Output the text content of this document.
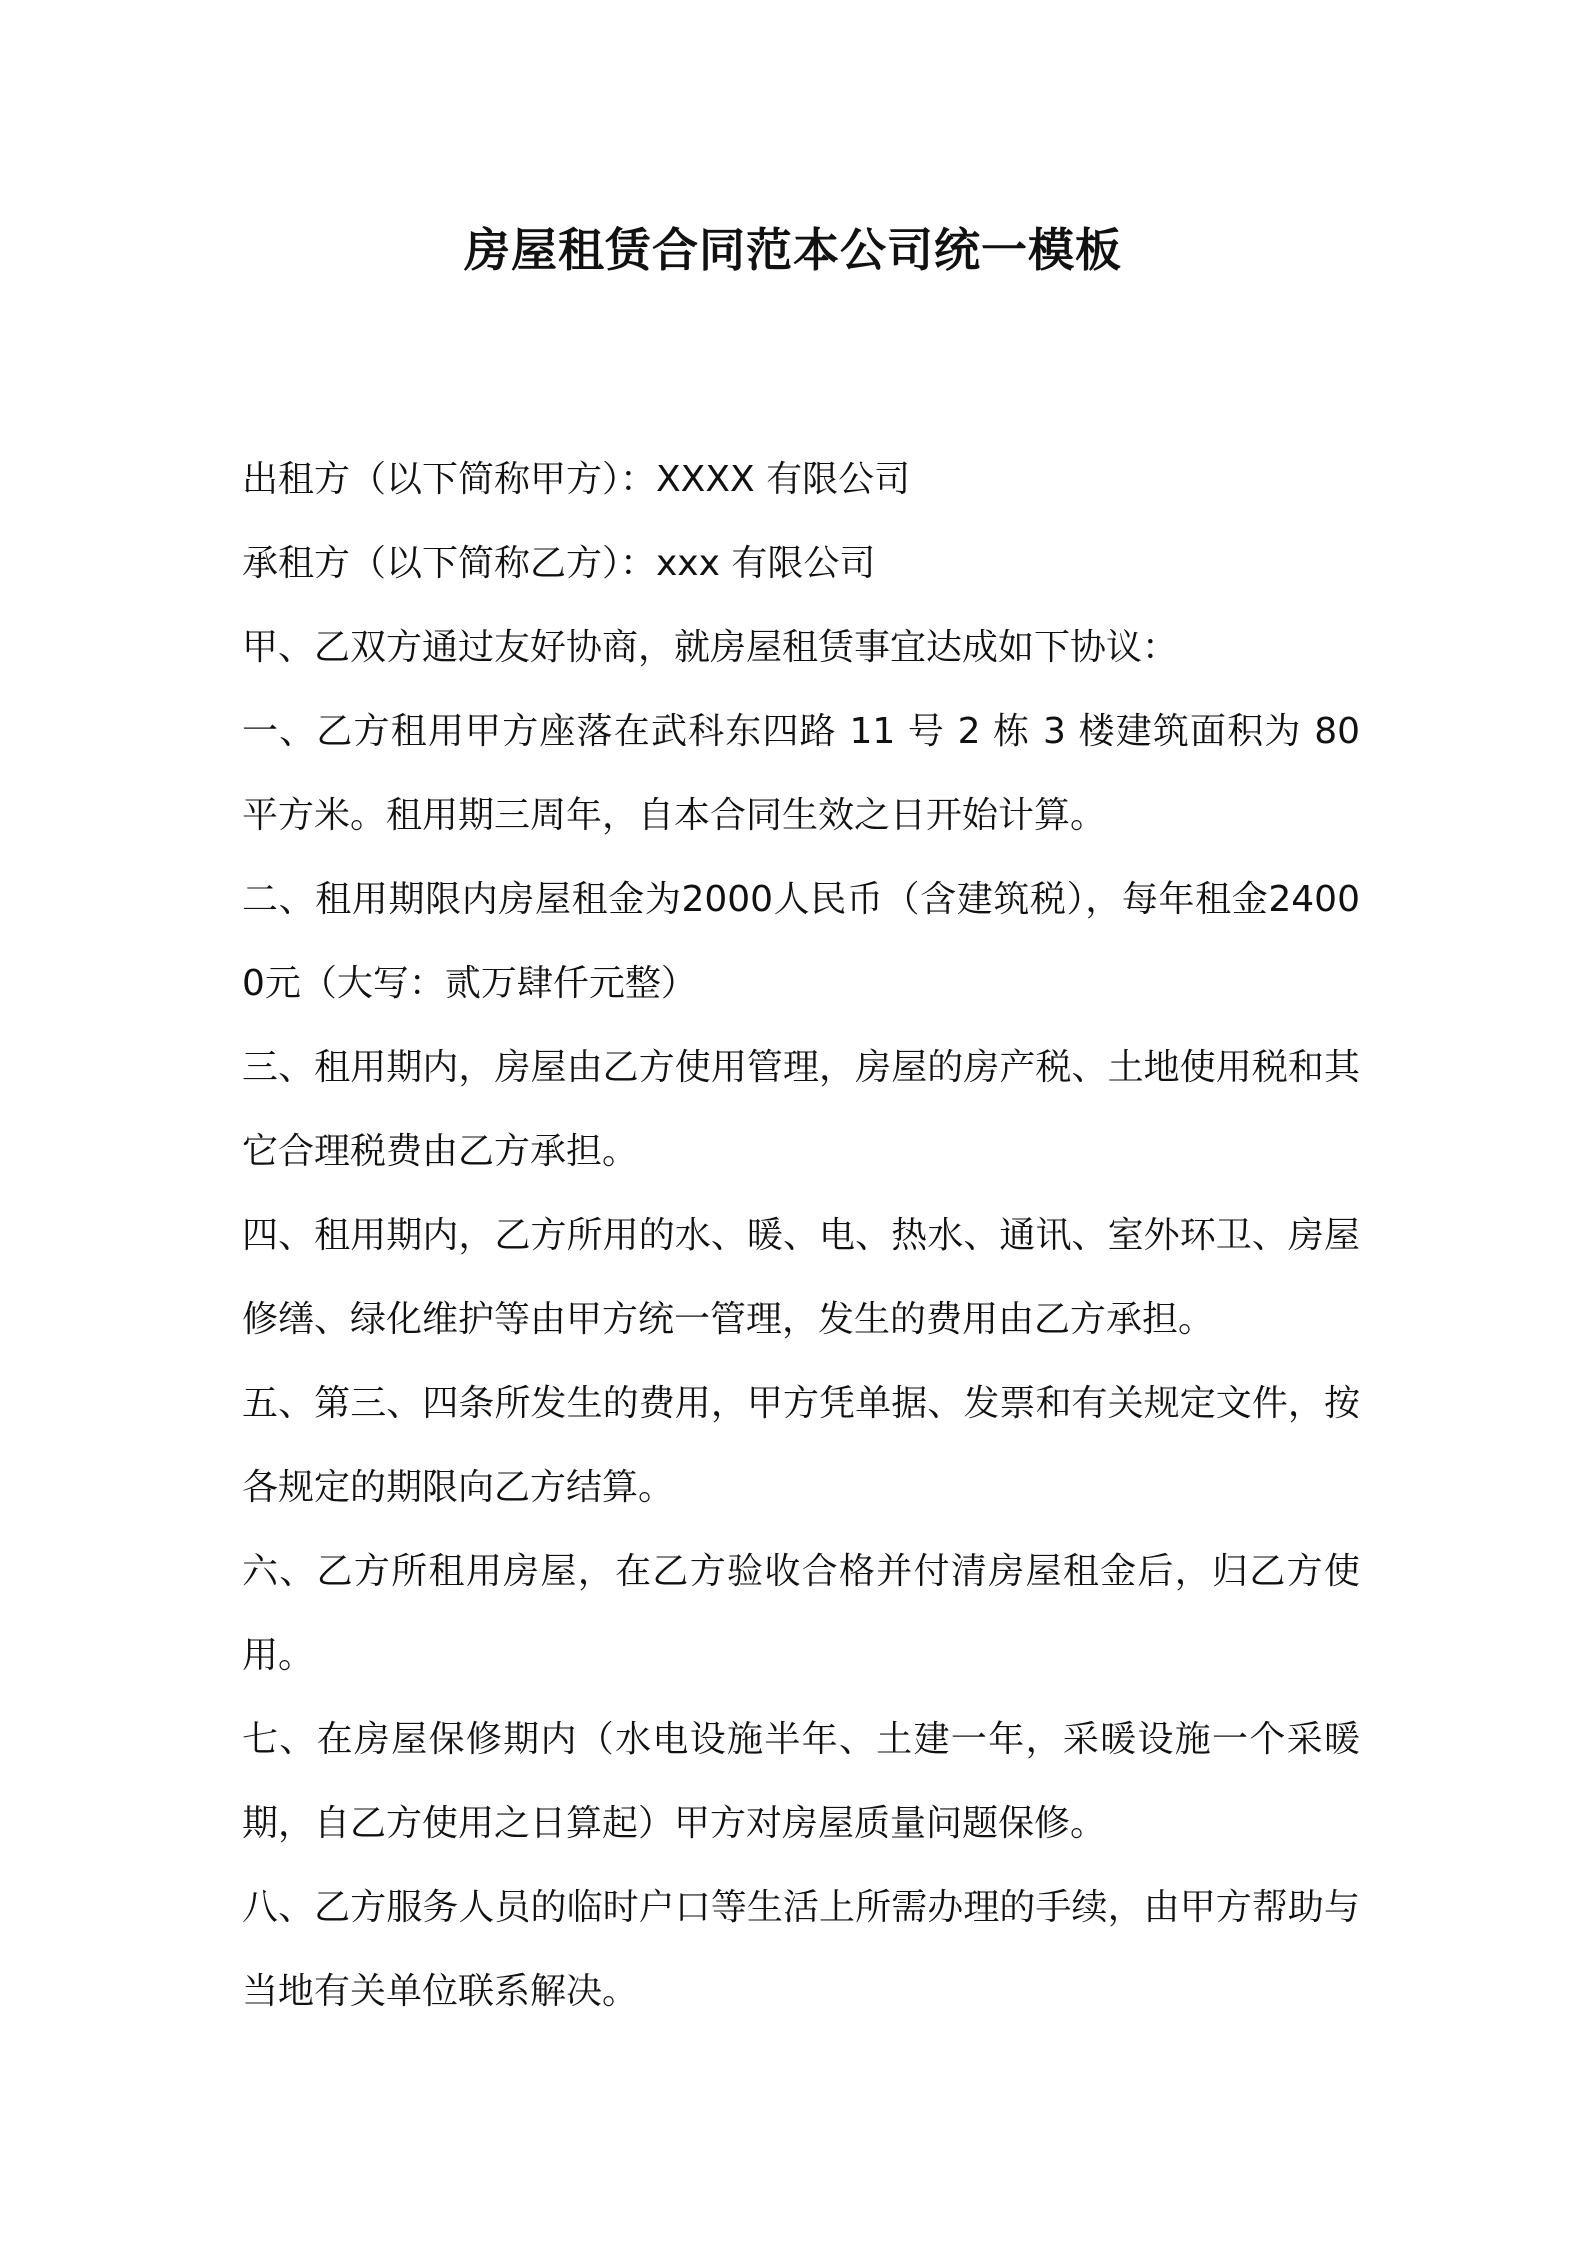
房屋租赁合同范本公司统一模板

出租方（以下简称甲方）：XXXX 有限公司

承租方（以下简称乙方）：xxx 有限公司

甲、乙双方通过友好协商，就房屋租赁事宜达成如下协议：

一、乙方租用甲方座落在武科东四路 11 号 2 栋 3 楼建筑面积为 80 平方米。租用期三周年，自本合同生效之日开始计算。

二、租用期限内房屋租金为2000人民币（含建筑税），每年租金24000元（大写：贰万肆仟元整）

三、租用期内，房屋由乙方使用管理，房屋的房产税、土地使用税和其它合理税费由乙方承担。

四、租用期内，乙方所用的水、暖、电、热水、通讯、室外环卫、房屋修缮、绿化维护等由甲方统一管理，发生的费用由乙方承担。

五、第三、四条所发生的费用，甲方凭单据、发票和有关规定文件，按各规定的期限向乙方结算。

六、乙方所租用房屋，在乙方验收合格并付清房屋租金后，归乙方使用。

七、在房屋保修期内（水电设施半年、土建一年，采暖设施一个采暖期，自乙方使用之日算起）甲方对房屋质量问题保修。

八、乙方服务人员的临时户口等生活上所需办理的手续，由甲方帮助与当地有关单位联系解决。
